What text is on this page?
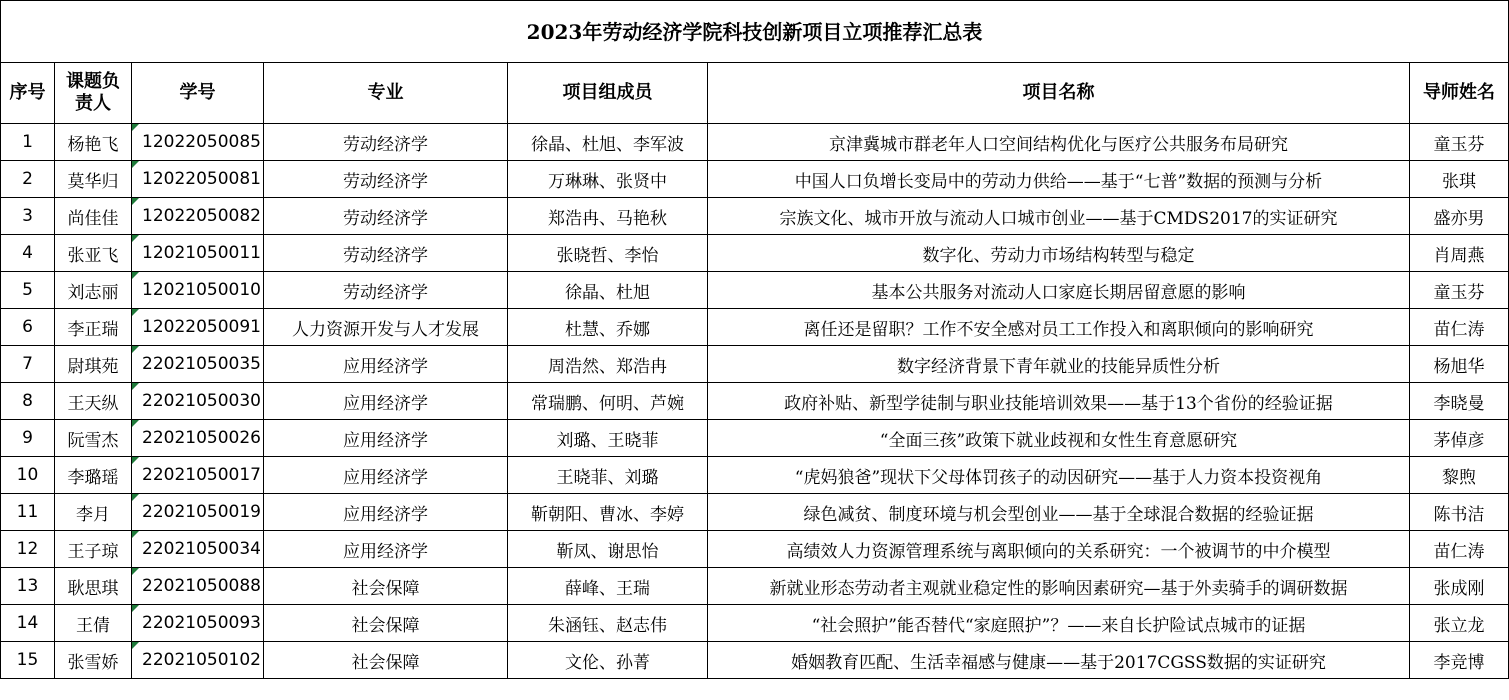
2023年劳动经济学院科技创新项目立项推荐汇总表						
序号	课题负责人	学号	专业	项目组成员	项目名称	导师姓名
1	杨艳飞	12022050085	劳动经济学	徐晶、杜旭、李军波	京津冀城市群老年人口空间结构优化与医疗公共服务布局研究	童玉芬
2	莫华归	12022050081	劳动经济学	万琳琳、张贤中	中国人口负增长变局中的劳动力供给——基于“七普”数据的预测与分析	张琪
3	尚佳佳	12022050082	劳动经济学	郑浩冉、马艳秋	宗族文化、城市开放与流动人口城市创业——基于CMDS2017的实证研究	盛亦男
4	张亚飞	12021050011	劳动经济学	张晓哲、李怡	数字化、劳动力市场结构转型与稳定	肖周燕
5	刘志丽	12021050010	劳动经济学	徐晶、杜旭	基本公共服务对流动人口家庭长期居留意愿的影响	童玉芬
6	李正瑞	12022050091	人力资源开发与人才发展	杜慧、乔娜	离任还是留职？工作不安全感对员工工作投入和离职倾向的影响研究	苗仁涛
7	尉琪苑	22021050035	应用经济学	周浩然、郑浩冉	数字经济背景下青年就业的技能异质性分析	杨旭华
8	王天纵	22021050030	应用经济学	常瑞鹏、何明、芦婉	政府补贴、新型学徒制与职业技能培训效果——基于13个省份的经验证据	李晓曼
9	阮雪杰	22021050026	应用经济学	刘璐、王晓菲	“全面三孩”政策下就业歧视和女性生育意愿研究	茅倬彦
10	李璐瑶	22021050017	应用经济学	王晓菲、刘璐	“虎妈狼爸”现状下父母体罚孩子的动因研究——基于人力资本投资视角	黎煦
11	李月	22021050019	应用经济学	靳朝阳、曹冰、李婷	绿色减贫、制度环境与机会型创业——基于全球混合数据的经验证据	陈书洁
12	王子琼	22021050034	应用经济学	靳凤、谢思怡	高绩效人力资源管理系统与离职倾向的关系研究：一个被调节的中介模型	苗仁涛
13	耿思琪	22021050088	社会保障	薛峰、王瑞	新就业形态劳动者主观就业稳定性的影响因素研究—基于外卖骑手的调研数据	张成刚
14	王倩	22021050093	社会保障	朱涵钰、赵志伟	“社会照护”能否替代“家庭照护”？——来自长护险试点城市的证据	张立龙
15	张雪娇	22021050102	社会保障	文伦、孙菁	婚姻教育匹配、生活幸福感与健康——基于2017CGSS数据的实证研究	李竞博
